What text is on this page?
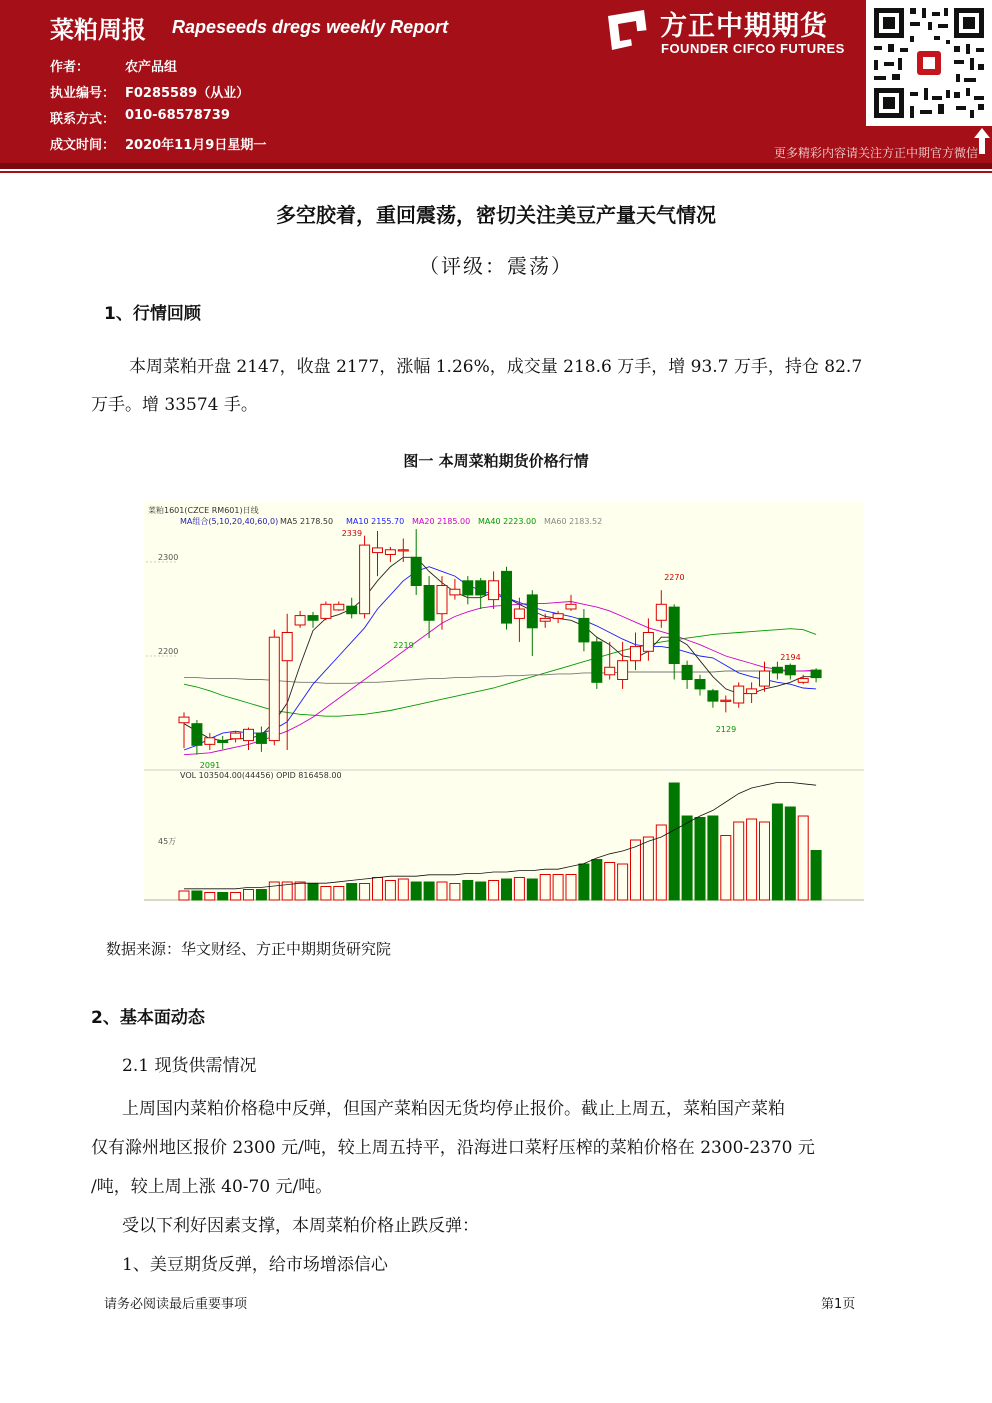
菜粕周报 Rapeseeds dregs weekly Report
作者：	农产品组
执业编号： F0285589（从业）
联系方式： 010-68578739
成文时间： 2020年11月9日星期一
方正中期期货
FOUNDER CIFCO FUTURES
更多精彩内容请关注方正中期官方微信
多空胶着，重回震荡，密切关注美豆产量天气情况
（评级：震荡）
1、行情回顾
本周菜粕开盘 2147，收盘 2177，涨幅 1.26%，成交量 218.6 万手，增 93.7 万手，持仓 82.7
万手。增 33574 手。
图一 本周菜粕期货价格行情
菜粕1601(CZCE RM601)日线
MA组合(5,10,20,40,60,0) MA5 2178.50 MA10 2155.70 MA20 2185.00 MA40 2223.00 MA60 2183.52
2300
2200
2339
2219
2270
2129
2194
2091
VOL 103504.00(44456) OPID 816458.00
45万
数据来源：华文财经、方正中期期货研究院
2、基本面动态
2.1 现货供需情况
上周国内菜粕价格稳中反弹，但国产菜粕因无货均停止报价。截止上周五，菜粕国产菜粕
仅有滁州地区报价 2300 元/吨，较上周五持平，沿海进口菜籽压榨的菜粕价格在 2300-2370 元
/吨，较上周上涨 40-70 元/吨。
受以下利好因素支撑，本周菜粕价格止跌反弹：
1、美豆期货反弹，给市场增添信心
请务必阅读最后重要事项	第1页
